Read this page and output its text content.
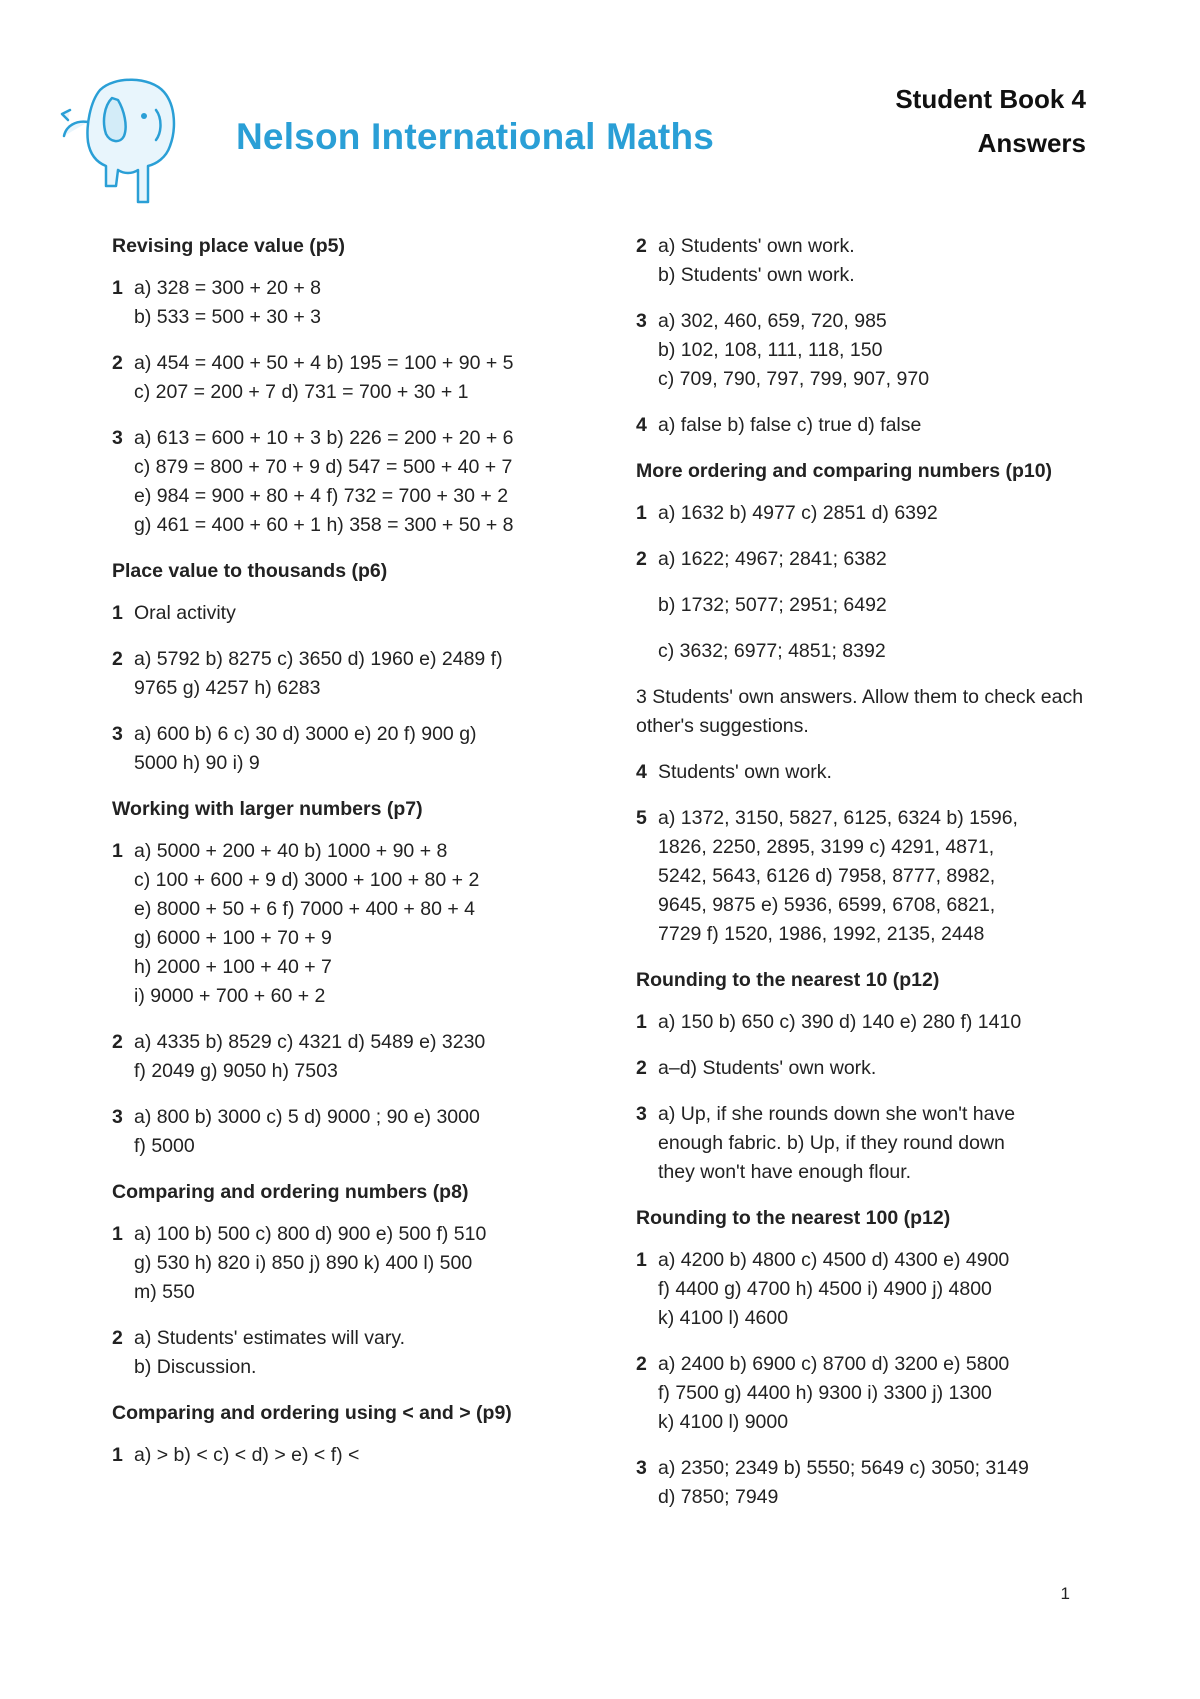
Nelson International Maths
Student Book 4
Answers
Revising place value (p5)
1 a) 328 = 300 + 20 + 8
b) 533 = 500 + 30 + 3
2 a) 454 = 400 + 50 + 4 b) 195 = 100 + 90 + 5
c) 207 = 200 + 7 d) 731 = 700 + 30 + 1
3 a) 613 = 600 + 10 + 3 b) 226 = 200 + 20 + 6
c) 879 = 800 + 70 + 9 d) 547 = 500 + 40 + 7
e) 984 = 900 + 80 + 4 f) 732 = 700 + 30 + 2
g) 461 = 400 + 60 + 1 h) 358 = 300 + 50 + 8
Place value to thousands (p6)
1 Oral activity
2 a) 5792 b) 8275 c) 3650 d) 1960 e) 2489 f)
9765 g) 4257 h) 6283
3 a) 600 b) 6 c) 30 d) 3000 e) 20 f) 900 g)
5000 h) 90 i) 9
Working with larger numbers (p7)
1 a) 5000 + 200 + 40 b) 1000 + 90 + 8
c) 100 + 600 + 9 d) 3000 + 100 + 80 + 2
e) 8000 + 50 + 6 f) 7000 + 400 + 80 + 4
g) 6000 + 100 + 70 + 9
h) 2000 + 100 + 40 + 7
i) 9000 + 700 + 60 + 2
2 a) 4335 b) 8529 c) 4321 d) 5489 e) 3230
f) 2049 g) 9050 h) 7503
3 a) 800 b) 3000 c) 5 d) 9000 ; 90 e) 3000
f) 5000
Comparing and ordering numbers (p8)
1 a) 100 b) 500 c) 800 d) 900 e) 500 f) 510
g) 530 h) 820 i) 850 j) 890 k) 400 l) 500
m) 550
2 a) Students' estimates will vary.
b) Discussion.
Comparing and ordering using < and > (p9)
1 a) > b) < c) < d) > e) < f) <
2 a) Students' own work.
b) Students' own work.
3 a) 302, 460, 659, 720, 985
b) 102, 108, 111, 118, 150
c) 709, 790, 797, 799, 907, 970
4 a) false b) false c) true d) false
More ordering and comparing numbers (p10)
1 a) 1632 b) 4977 c) 2851 d) 6392
2 a) 1622; 4967; 2841; 6382
b) 1732; 5077; 2951; 6492
c) 3632; 6977; 4851; 8392
3 Students' own answers. Allow them to check each other's suggestions.
4 Students' own work.
5 a) 1372, 3150, 5827, 6125, 6324 b) 1596,
1826, 2250, 2895, 3199 c) 4291, 4871,
5242, 5643, 6126 d) 7958, 8777, 8982,
9645, 9875 e) 5936, 6599, 6708, 6821,
7729 f) 1520, 1986, 1992, 2135, 2448
Rounding to the nearest 10 (p12)
1 a) 150 b) 650 c) 390 d) 140 e) 280 f) 1410
2 a–d) Students' own work.
3 a) Up, if she rounds down she won't have
enough fabric. b) Up, if they round down
they won't have enough flour.
Rounding to the nearest 100 (p12)
1 a) 4200 b) 4800 c) 4500 d) 4300 e) 4900
f) 4400 g) 4700 h) 4500 i) 4900 j) 4800
k) 4100 l) 4600
2 a) 2400 b) 6900 c) 8700 d) 3200 e) 5800
f) 7500 g) 4400 h) 9300 i) 3300 j) 1300
k) 4100 l) 9000
3 a) 2350; 2349 b) 5550; 5649 c) 3050; 3149
d) 7850; 7949
1
